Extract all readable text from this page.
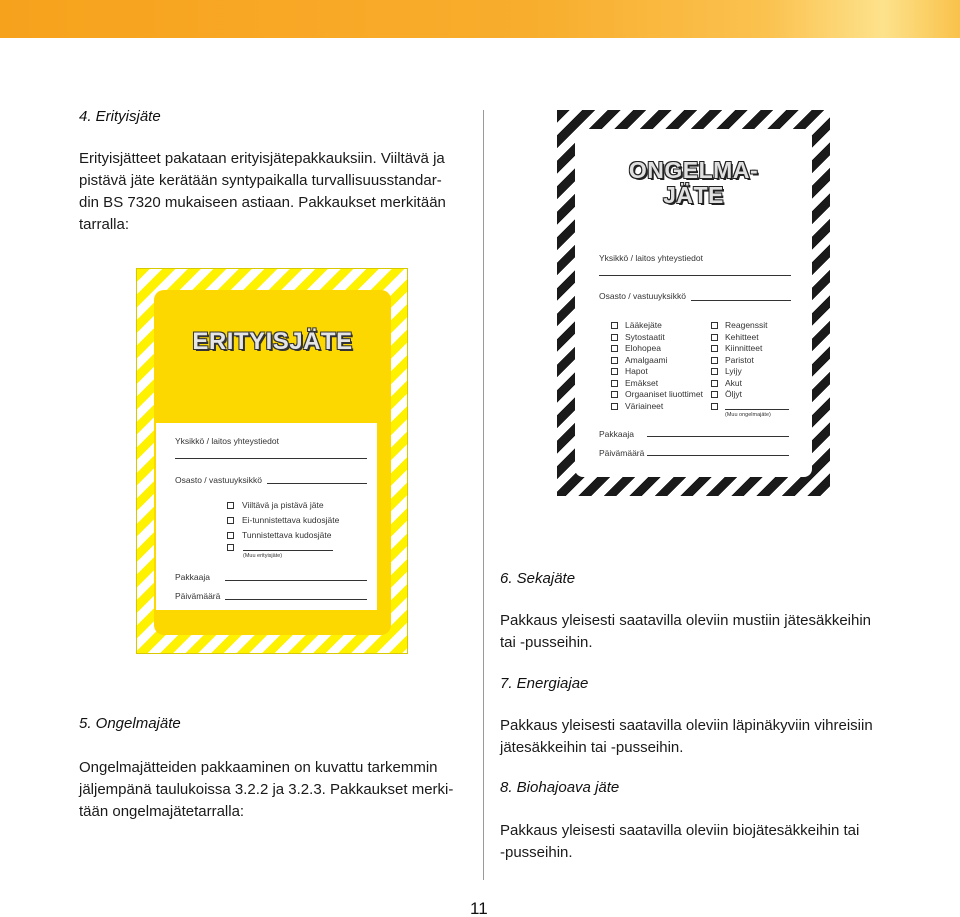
4. Erityisjäte
Erityisjätteet pakataan erityisjätepakkauksiin. Viiltävä ja
pistävä jäte kerätään syntypaikalla turvallisuusstandar-
din BS 7320 mukaiseen astiaan. Pakkaukset merkitään
tarralla:
ERITYISJÄTE
Yksikkö / laitos yhteystiedot
Osasto / vastuuyksikkö
Viiltävä ja pistävä jäte
Ei-tunnistettava kudosjäte
Tunnistettava kudosjäte
(Muu erityisjäte)
Pakkaaja
Päivämäärä
ONGELMA-
JÄTE
Yksikkö / laitos yhteystiedot
Osasto / vastuuyksikkö
Lääkejäte
Sytostaatit
Elohopea
Amalgaami
Hapot
Emäkset
Orgaaniset liuottimet
Väriaineet
Reagenssit
Kehitteet
Kiinnitteet
Paristot
Lyijy
Akut
Öljyt
(Muu ongelmajäte)
Pakkaaja
Päivämäärä
5. Ongelmajäte
Ongelmajätteiden pakkaaminen on kuvattu tarkemmin
jäljempänä taulukoissa 3.2.2 ja 3.2.3. Pakkaukset merki-
tään ongelmajätetarralla:
6. Sekajäte
Pakkaus yleisesti saatavilla oleviin mustiin jätesäkkeihin
tai -pusseihin.
7. Energiajae
Pakkaus yleisesti saatavilla oleviin läpinäkyviin vihreisiin
jätesäkkeihin tai -pusseihin.
8. Biohajoava jäte
Pakkaus yleisesti saatavilla oleviin biojätesäkkeihin tai
-pusseihin.
11
